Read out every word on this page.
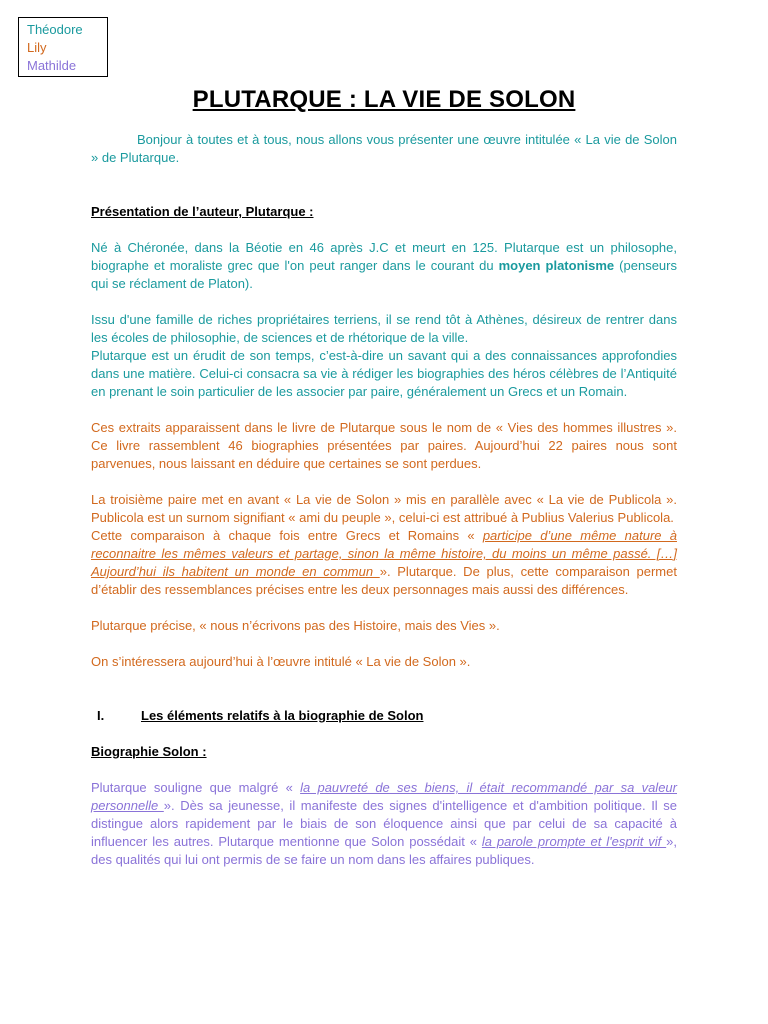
Théodore
Lily
Mathilde
PLUTARQUE : LA VIE DE SOLON

Bonjour à toutes et à tous, nous allons vous présenter une œuvre intitulée « La vie de Solon » de Plutarque.

Présentation de l’auteur, Plutarque :

Né à Chéronée, dans la Béotie en 46 après J.C et meurt en 125. Plutarque est un philosophe, biographe et moraliste grec que l'on peut ranger dans le courant du moyen platonisme (penseurs qui se réclament de Platon).

Issu d'une famille de riches propriétaires terriens, il se rend tôt à Athènes, désireux de rentrer dans les écoles de philosophie, de sciences et de rhétorique de la ville.

Plutarque est un érudit de son temps, c’est-à-dire un savant qui a des connaissances approfondies dans une matière. Celui-ci consacra sa vie à rédiger les biographies des héros célèbres de l’Antiquité en prenant le soin particulier de les associer par paire, généralement un Grecs et un Romain.

Ces extraits apparaissent dans le livre de Plutarque sous le nom de « Vies des hommes illustres ». Ce livre rassemblent 46 biographies présentées par paires. Aujourd’hui 22 paires nous sont parvenues, nous laissant en déduire que certaines se sont perdues.

La troisième paire met en avant « La vie de Solon » mis en parallèle avec « La vie de Publicola ». Publicola est un surnom signifiant « ami du peuple », celui-ci est attribué à Publius Valerius Publicola.

Cette comparaison à chaque fois entre Grecs et Romains « participe d’une même nature à reconnaitre les mêmes valeurs et partage, sinon la même histoire, du moins un même passé. […] Aujourd’hui ils habitent un monde en commun ». Plutarque. De plus, cette comparaison permet d’établir des ressemblances précises entre les deux personnages mais aussi des différences.

Plutarque précise, « nous n’écrivons pas des Histoire, mais des Vies ».

On s’intéressera aujourd’hui à l’œuvre intitulé « La vie de Solon ».

I.	Les éléments relatifs à la biographie de Solon

Biographie Solon :

Plutarque souligne que malgré « la pauvreté de ses biens, il était recommandé par sa valeur personnelle ». Dès sa jeunesse, il manifeste des signes d'intelligence et d'ambition politique. Il se distingue alors rapidement par le biais de son éloquence ainsi que par celui de sa capacité à influencer les autres. Plutarque mentionne que Solon possédait « la parole prompte et l'esprit vif », des qualités qui lui ont permis de se faire un nom dans les affaires publiques.
